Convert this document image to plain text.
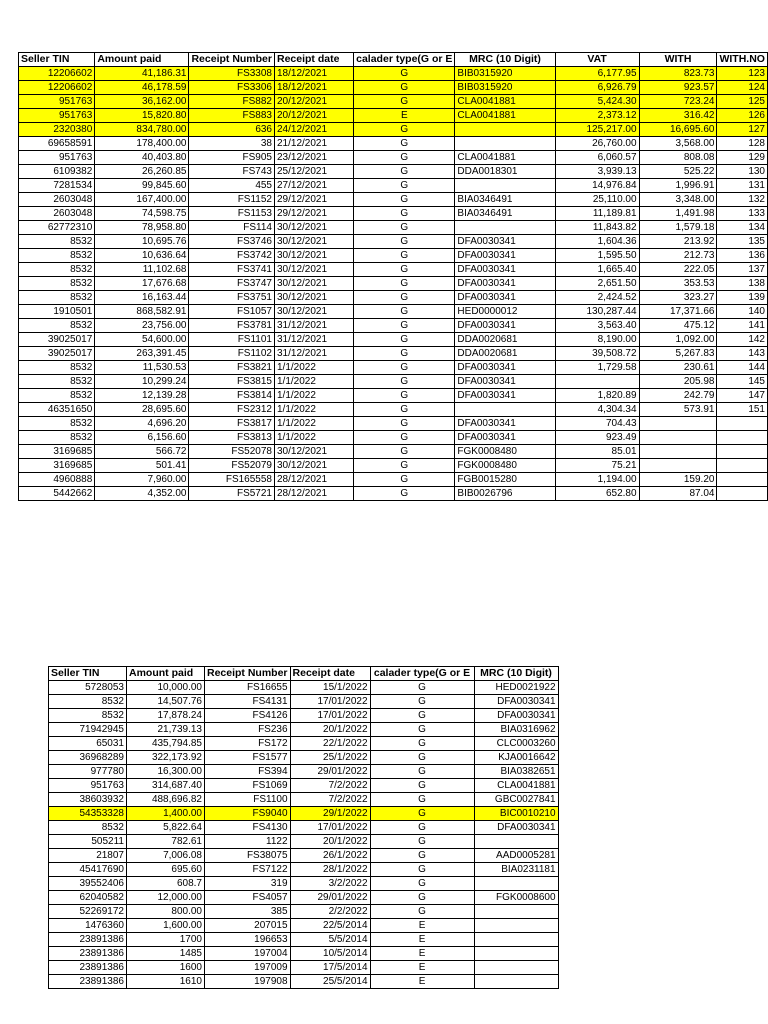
Seller TIN	Amount paid	Receipt Number	Receipt date	calader type(G or E	MRC (10 Digit)	VAT	WITH	WITH.NO
12206602	41,186.31	FS3308	18/12/2021	G	BIB0315920	6,177.95	823.73	123
12206602	46,178.59	FS3306	18/12/2021	G	BIB0315920	6,926.79	923.57	124
951763	36,162.00	FS882	20/12/2021	G	CLA0041881	5,424.30	723.24	125
951763	15,820.80	FS883	20/12/2021	E	CLA0041881	2,373.12	316.42	126
2320380	834,780.00	636	24/12/2021	G		125,217.00	16,695.60	127
69658591	178,400.00	38	21/12/2021	G		26,760.00	3,568.00	128
951763	40,403.80	FS905	23/12/2021	G	CLA0041881	6,060.57	808.08	129
6109382	26,260.85	FS743	25/12/2021	G	DDA0018301	3,939.13	525.22	130
7281534	99,845.60	455	27/12/2021	G		14,976.84	1,996.91	131
2603048	167,400.00	FS1152	29/12/2021	G	BIA0346491	25,110.00	3,348.00	132
2603048	74,598.75	FS1153	29/12/2021	G	BIA0346491	11,189.81	1,491.98	133
62772310	78,958.80	FS114	30/12/2021	G		11,843.82	1,579.18	134
8532	10,695.76	FS3746	30/12/2021	G	DFA0030341	1,604.36	213.92	135
8532	10,636.64	FS3742	30/12/2021	G	DFA0030341	1,595.50	212.73	136
8532	11,102.68	FS3741	30/12/2021	G	DFA0030341	1,665.40	222.05	137
8532	17,676.68	FS3747	30/12/2021	G	DFA0030341	2,651.50	353.53	138
8532	16,163.44	FS3751	30/12/2021	G	DFA0030341	2,424.52	323.27	139
1910501	868,582.91	FS1057	30/12/2021	G	HED0000012	130,287.44	17,371.66	140
8532	23,756.00	FS3781	31/12/2021	G	DFA0030341	3,563.40	475.12	141
39025017	54,600.00	FS1101	31/12/2021	G	DDA0020681	8,190.00	1,092.00	142
39025017	263,391.45	FS1102	31/12/2021	G	DDA0020681	39,508.72	5,267.83	143
8532	11,530.53	FS3821	1/1/2022	G	DFA0030341	1,729.58	230.61	144
8532	10,299.24	FS3815	1/1/2022	G	DFA0030341		205.98	145
8532	12,139.28	FS3814	1/1/2022	G	DFA0030341	1,820.89	242.79	147
46351650	28,695.60	FS2312	1/1/2022	G		4,304.34	573.91	151
8532	4,696.20	FS3817	1/1/2022	G	DFA0030341	704.43		
8532	6,156.60	FS3813	1/1/2022	G	DFA0030341	923.49		
3169685	566.72	FS52078	30/12/2021	G	FGK0008480	85.01		
3169685	501.41	FS52079	30/12/2021	G	FGK0008480	75.21		
4960888	7,960.00	FS165558	28/12/2021	G	FGB0015280	1,194.00	159.20	
5442662	4,352.00	FS5721	28/12/2021	G	BIB0026796	652.80	87.04	
Seller TIN	Amount paid	Receipt Number	Receipt date	calader type(G or E	MRC (10 Digit)
5728053	10,000.00	FS16655	15/1/2022	G	HED0021922
8532	14,507.76	FS4131	17/01/2022	G	DFA0030341
8532	17,878.24	FS4126	17/01/2022	G	DFA0030341
71942945	21,739.13	FS236	20/1/2022	G	BIA0316962
65031	435,794.85	FS172	22/1/2022	G	CLC0003260
36968289	322,173.92	FS1577	25/1/2022	G	KJA0016642
977780	16,300.00	FS394	29/01/2022	G	BIA0382651
951763	314,687.40	FS1069	7/2/2022	G	CLA0041881
38603932	488,696.82	FS1100	7/2/2022	G	GBC0027841
54353328	1,400.00	FS9040	29/1/2022	G	BIC0010210
8532	5,822.64	FS4130	17/01/2022	G	DFA0030341
505211	782.61	1122	20/1/2022	G	
21807	7,006.08	FS38075	26/1/2022	G	AAD0005281
45417690	695.60	FS7122	28/1/2022	G	BIA0231181
39552406	608.7	319	3/2/2022	G	
62040582	12,000.00	FS4057	29/01/2022	G	FGK0008600
52269172	800.00	385	2/2/2022	G	
1476360	1,600.00	207015	22/5/2014	E	
23891386	1700	196653	5/5/2014	E	
23891386	1485	197004	10/5/2014	E	
23891386	1600	197009	17/5/2014	E	
23891386	1610	197908	25/5/2014	E	
